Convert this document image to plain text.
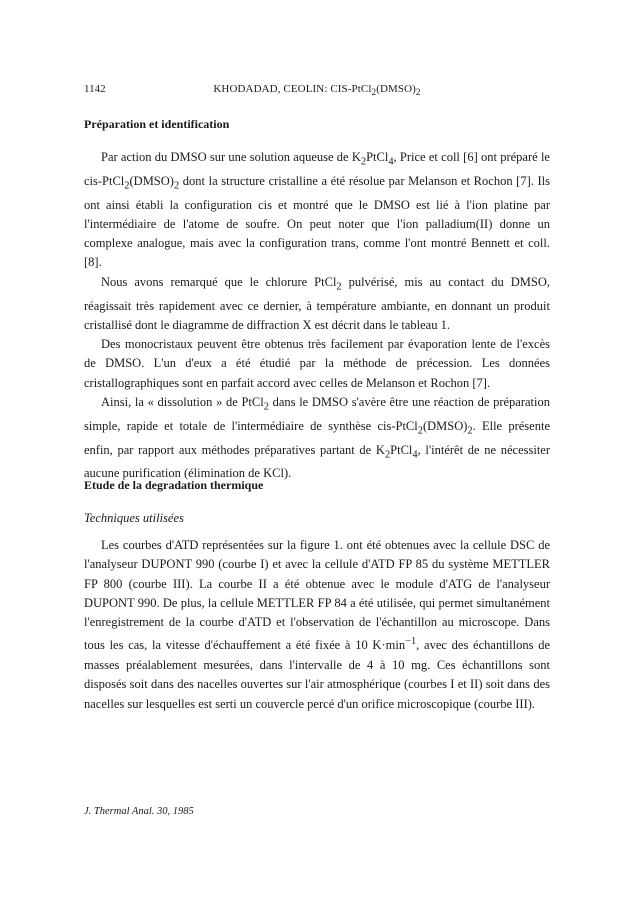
1142	KHODADAD, CEOLIN: CIS-$PtCl_2(DMSO)_2$
Préparation et identification

Par action du DMSO sur une solution aqueuse de $K_2PtCl_4$, Price et coll [6] ont préparé le cis-$PtCl_2(DMSO)_2$ dont la structure cristalline a été résolue par Melanson et Rochon [7]. Ils ont ainsi établi la configuration cis et montré que le DMSO est lié à l'ion platine par l'intermédiaire de l'atome de soufre. On peut noter que l'ion palladium(II) donne un complexe analogue, mais avec la configuration trans, comme l'ont montré Bennett et coll. [8].

Nous avons remarqué que le chlorure PtCl$_2$ pulvérisé, mis au contact du DMSO, réagissait très rapidement avec ce dernier, à température ambiante, en donnant un produit cristallisé dont le diagramme de diffraction X est décrit dans le tableau 1.

Des monocristaux peuvent être obtenus très facilement par évaporation lente de l'excès de DMSO. L'un d'eux a été étudié par la méthode de précession. Les données cristallographiques sont en parfait accord avec celles de Melanson et Rochon [7].

Ainsi, la « dissolution » de PtCl$_2$ dans le DMSO s'avère être une réaction de préparation simple, rapide et totale de l'intermédiaire de synthèse cis-$PtCl_2(DMSO)_2$. Elle présente enfin, par rapport aux méthodes préparatives partant de $K_2PtCl_4$, l'intérêt de ne nécessiter aucune purification (élimination de KCl).

Etude de la degradation thermique
Techniques utilisées

Les courbes d'ATD représentées sur la figure 1. ont été obtenues avec la cellule DSC de l'analyseur DUPONT 990 (courbe I) et avec la cellule d'ATD FP 85 du système METTLER FP 800 (courbe III). La courbe II a été obtenue avec le module d'ATG de l'analyseur DUPONT 990. De plus, la cellule METTLER FP 84 a été utilisée, qui permet simultanément l'enregistrement de la courbe d'ATD et l'observation de l'échantillon au microscope. Dans tous les cas, la vitesse d'échauffement a été fixée à 10 $K\cdot\min^{-1}$, avec des échantillons de masses préalablement mesurées, dans l'intervalle de 4 à 10 mg. Ces échantillons sont disposés soit dans des nacelles ouvertes sur l'air atmosphérique (courbes I et II) soit dans des nacelles sur lesquelles est serti un couvercle percé d'un orifice microscopique (courbe III).

J. Thermal Anal. 30, 1985
